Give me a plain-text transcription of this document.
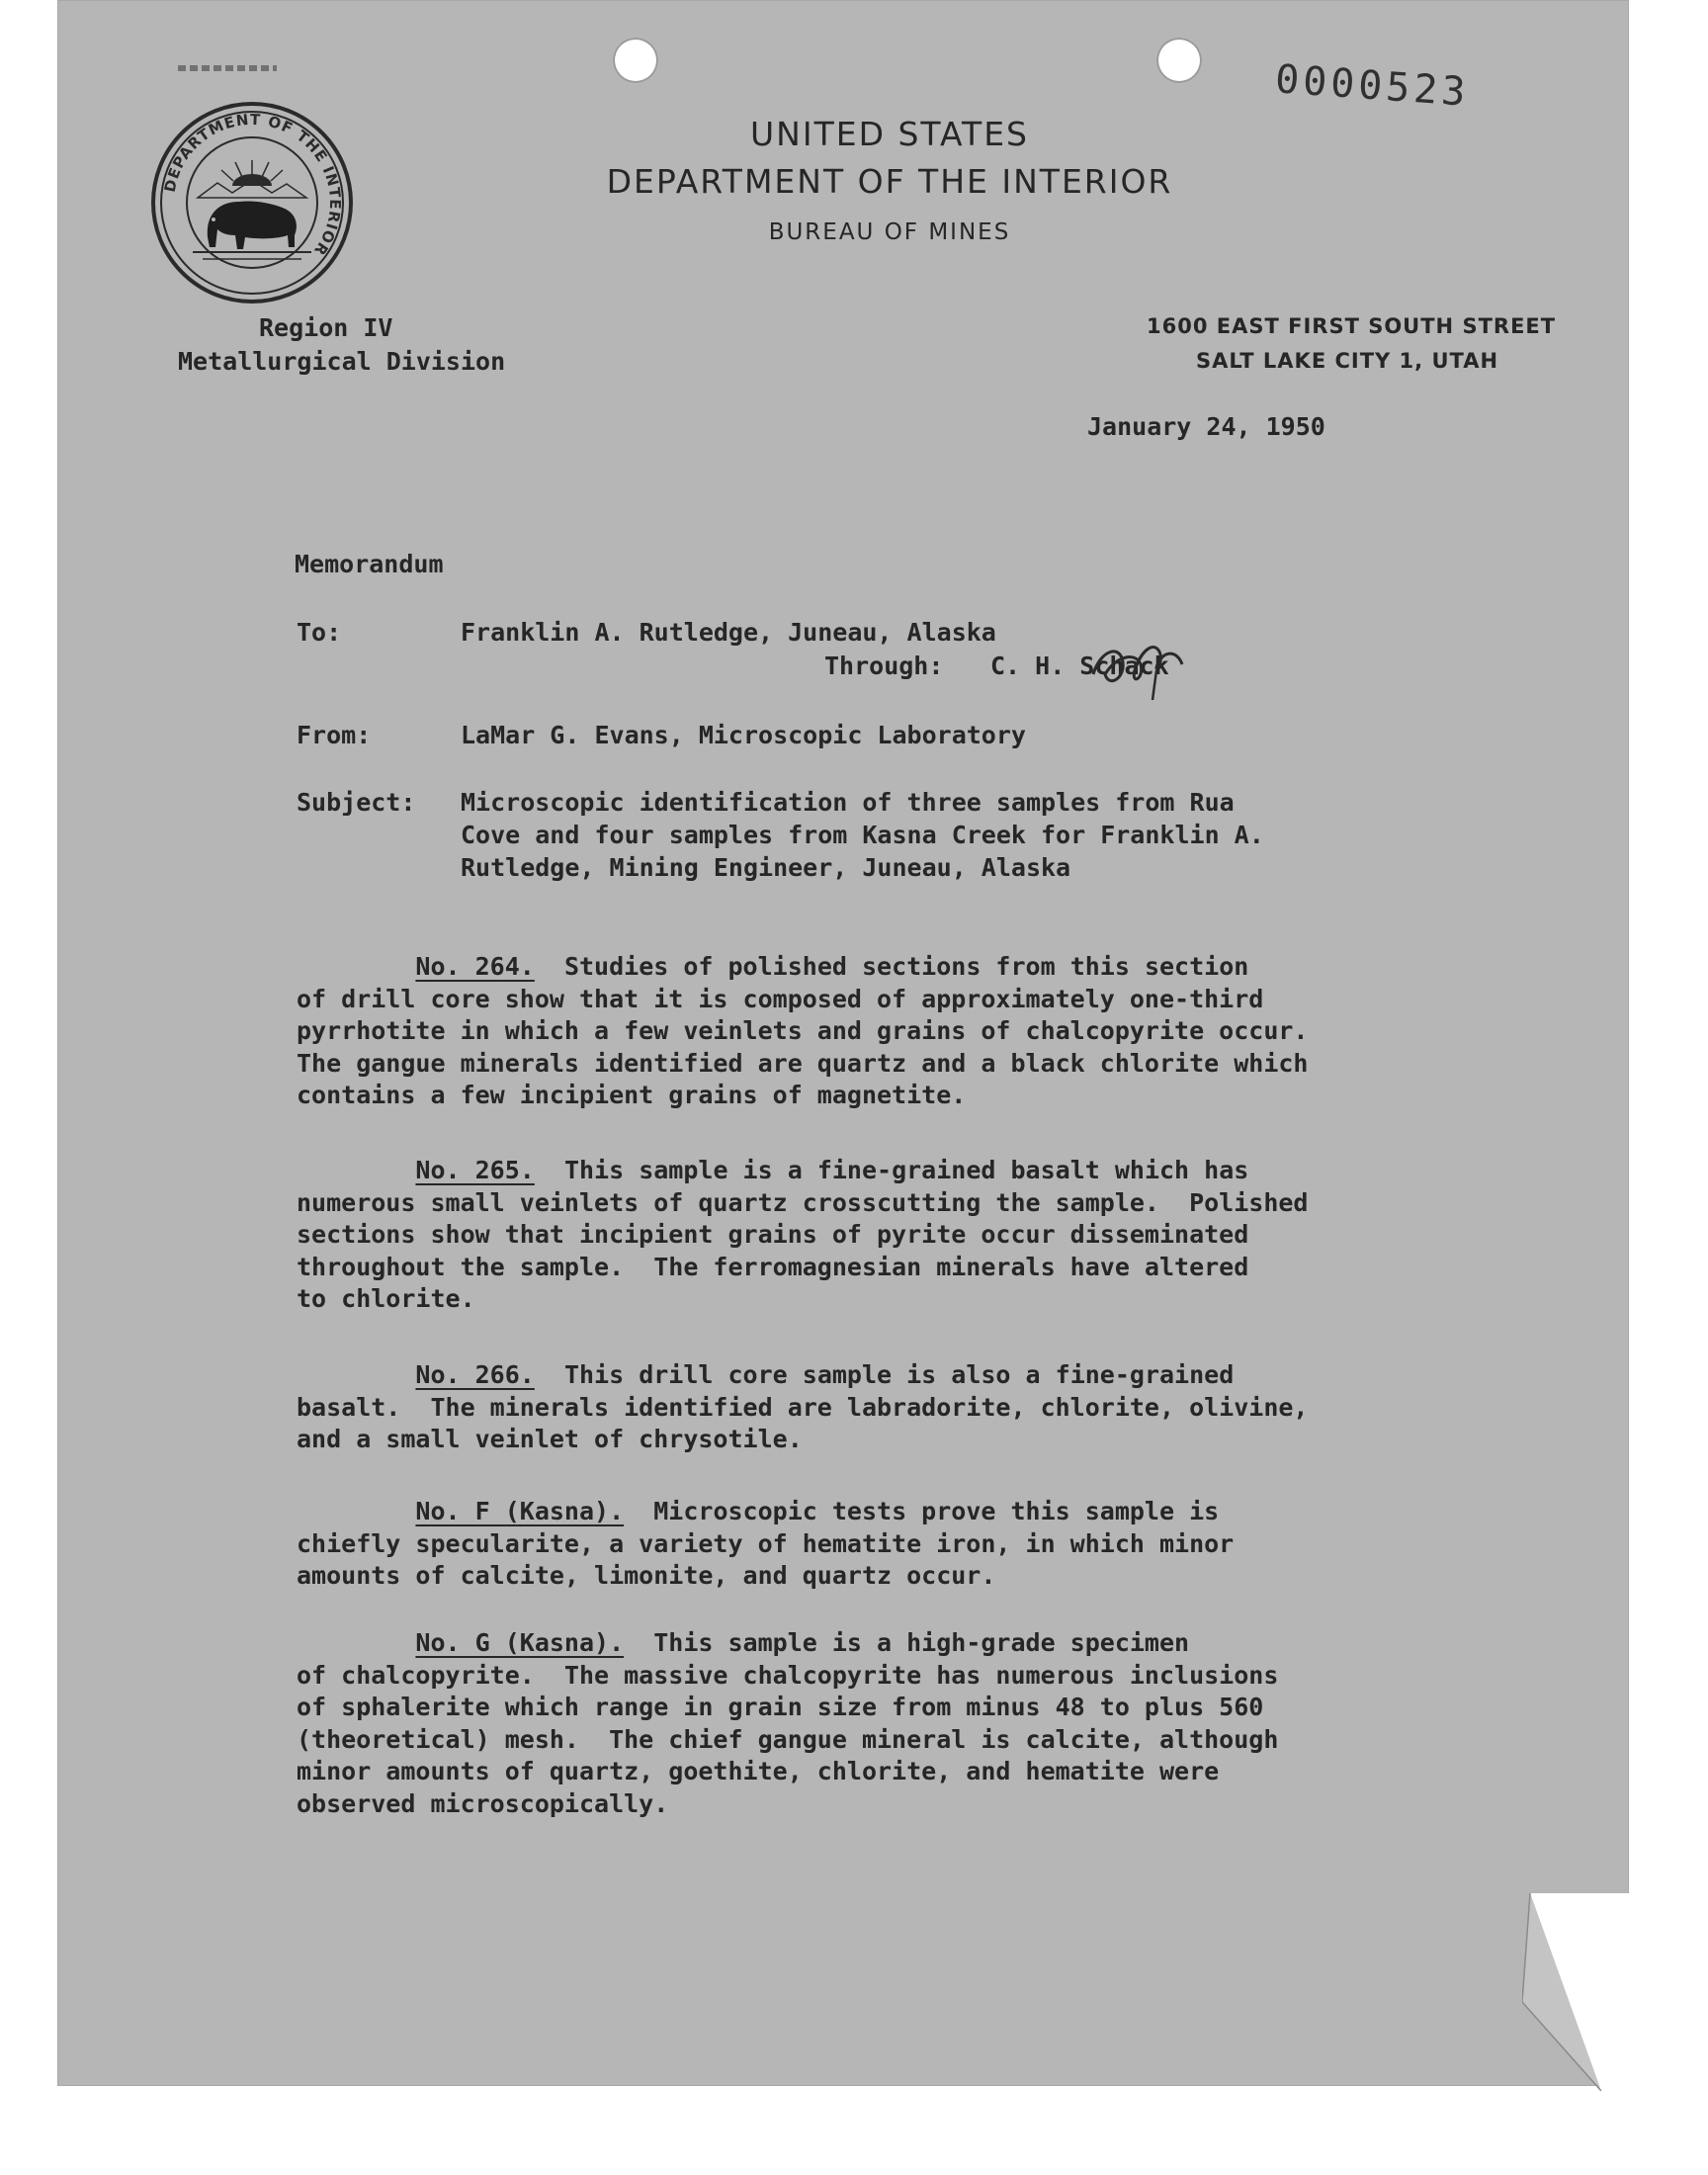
0000523
DEPARTMENT OF THE INTERIOR
UNITED STATES
DEPARTMENT OF THE INTERIOR
BUREAU OF MINES
Region IV
Metallurgical Division
1600 EAST FIRST SOUTH STREET
SALT LAKE CITY 1, UTAH
January 24, 1950
Memorandum
To:	Franklin A. Rutledge, Juneau, Alaska
Through: C. H. Schack
From:	LaMar G. Evans, Microscopic Laboratory
Subject: Microscopic identification of three samples from Rua
Cove and four samples from Kasna Creek for Franklin A.
Rutledge, Mining Engineer, Juneau, Alaska
No. 264.  Studies of polished sections from this section
of drill core show that it is composed of approximately one-third
pyrrhotite in which a few veinlets and grains of chalcopyrite occur.
The gangue minerals identified are quartz and a black chlorite which
contains a few incipient grains of magnetite.
No. 265.  This sample is a fine-grained basalt which has
numerous small veinlets of quartz crosscutting the sample.  Polished
sections show that incipient grains of pyrite occur disseminated
throughout the sample.  The ferromagnesian minerals have altered
to chlorite.
No. 266.  This drill core sample is also a fine-grained
basalt.  The minerals identified are labradorite, chlorite, olivine,
and a small veinlet of chrysotile.
No. F (Kasna).  Microscopic tests prove this sample is
chiefly specularite, a variety of hematite iron, in which minor
amounts of calcite, limonite, and quartz occur.
No. G (Kasna).  This sample is a high-grade specimen
of chalcopyrite.  The massive chalcopyrite has numerous inclusions
of sphalerite which range in grain size from minus 48 to plus 560
(theoretical) mesh.  The chief gangue mineral is calcite, although
minor amounts of quartz, goethite, chlorite, and hematite were
observed microscopically.
